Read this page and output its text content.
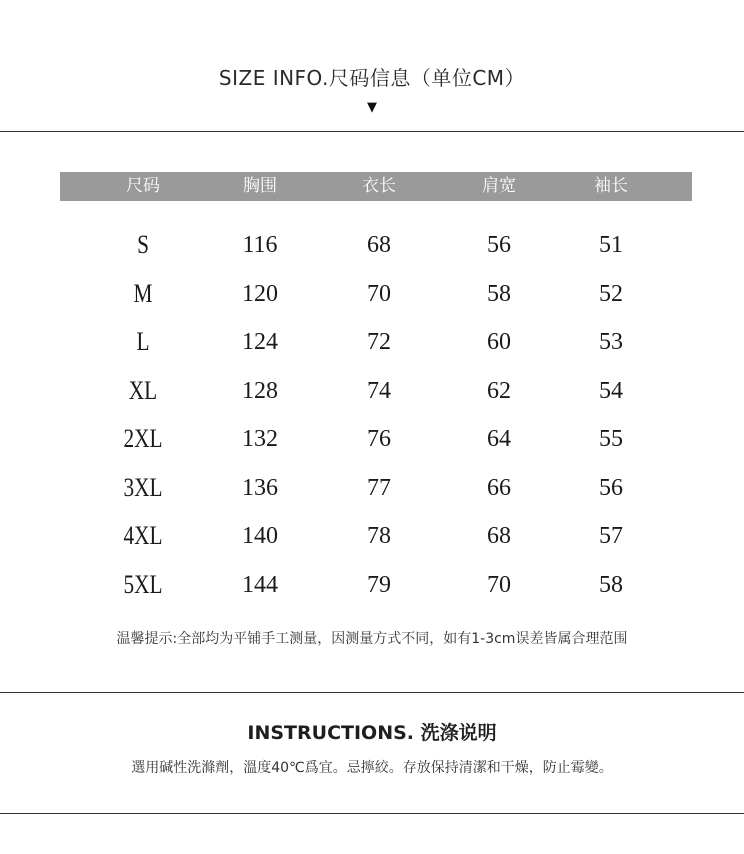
SIZE INFO.尺码信息（单位CM）
▼
尺码	胸围	衣长	肩宽	袖长
S	116	68	56	51
M	120	70	58	52
L	124	72	60	53
XL	128	74	62	54
2XL	132	76	64	55
3XL	136	77	66	56
4XL	140	78	68	57
5XL	144	79	70	58
温馨提示:全部均为平铺手工测量，因测量方式不同，如有1-3cm误差皆属合理范围
INSTRUCTIONS. 洗涤说明
選用碱性洗滌劑，溫度40℃爲宜。忌擰絞。存放保持清潔和干燥，防止霉變。
